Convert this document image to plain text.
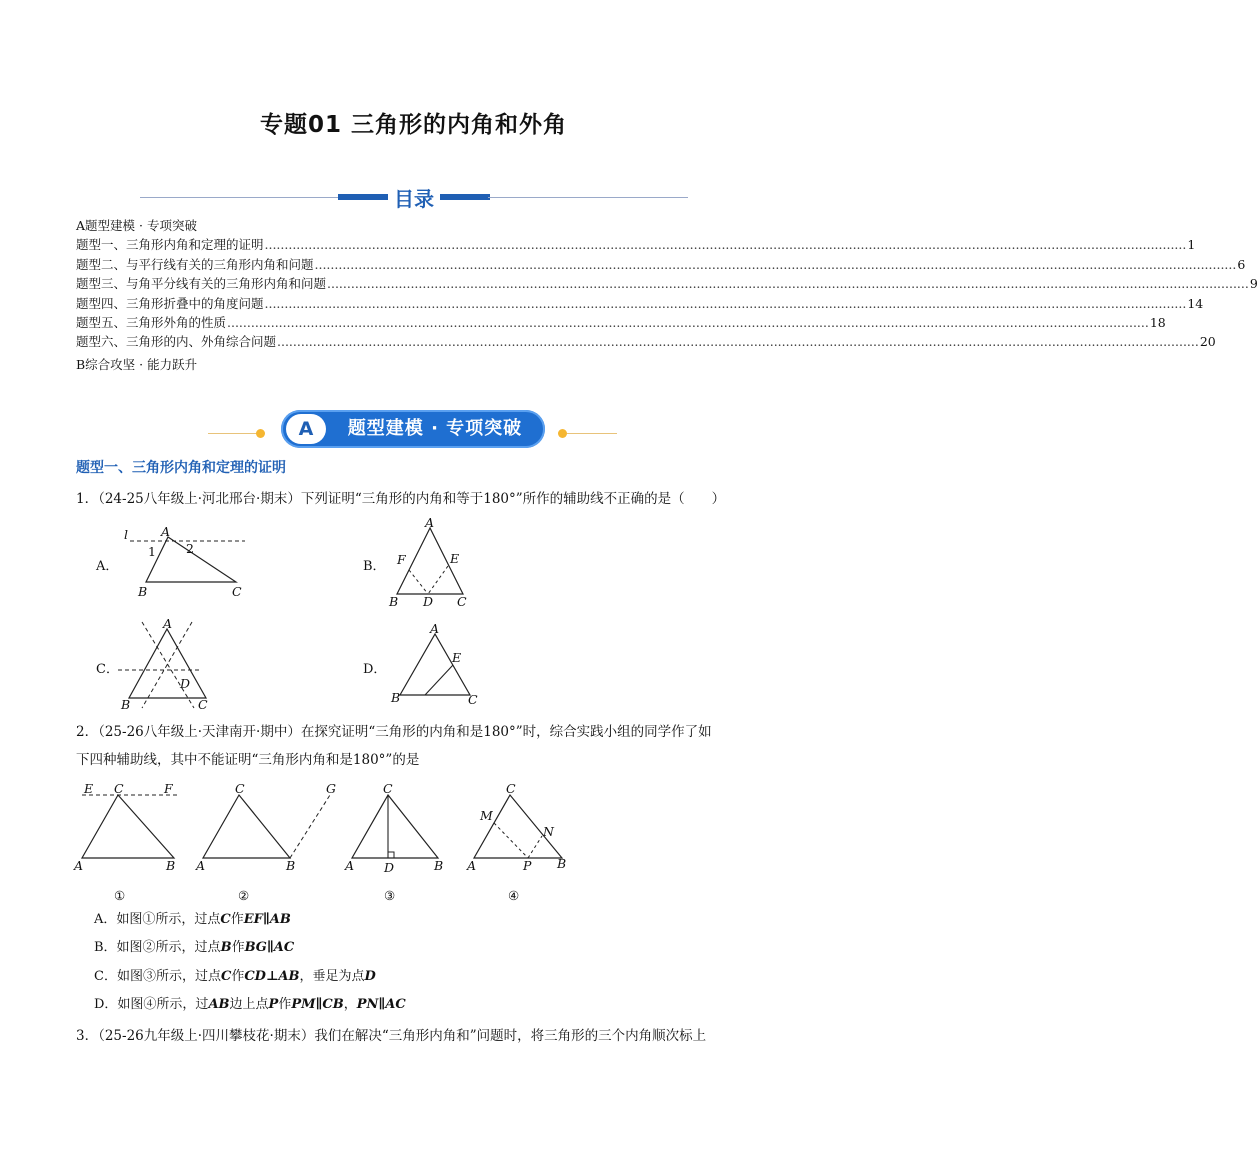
专题01 三角形的内角和外角
目录
A题型建模 · 专项突破
题型一、三角形内角和定理的证明 ........................................................................................................................................................................................................................................ 1
题型二、与平行线有关的三角形内角和问题 ........................................................................................................................................................................................................................................ 6
题型三、与角平分线有关的三角形内角和问题 ........................................................................................................................................................................................................................................ 9
题型四、三角形折叠中的角度问题 ........................................................................................................................................................................................................................................ 14
题型五、三角形外角的性质 ........................................................................................................................................................................................................................................ 18
题型六、三角形的内、外角综合问题 ........................................................................................................................................................................................................................................ 20
B综合攻坚 · 能力跃升
A	题型建模 · 专项突破
题型一、三角形内角和定理的证明
1．（24-25八年级上·河北邢台·期末）下列证明“三角形的内角和等于180°”所作的辅助线不正确的是（　　）
A．
l	A
1 2
B	C
B．
A
F	E
B D C
C．
A
B
D
C
D．
A
E
B	C
2．（25-26八年级上·天津南开·期中）在探究证明“三角形的内角和是180°”时，综合实践小组的同学作了如
下四种辅助线，其中不能证明“三角形内角和是180°”的是
E C	F
A	B
①
C	G
A	B
②
C
A D	B
③
C
M
N
A	P B
④
A．如图①所示，过点C作EF∥AB
B．如图②所示，过点B作BG∥AC
C．如图③所示，过点C作CD⊥AB，垂足为点D
D．如图④所示，过AB边上点P作PM∥CB，PN∥AC
3．（25-26九年级上·四川攀枝花·期末）我们在解决“三角形内角和”问题时，将三角形的三个内角顺次标上
